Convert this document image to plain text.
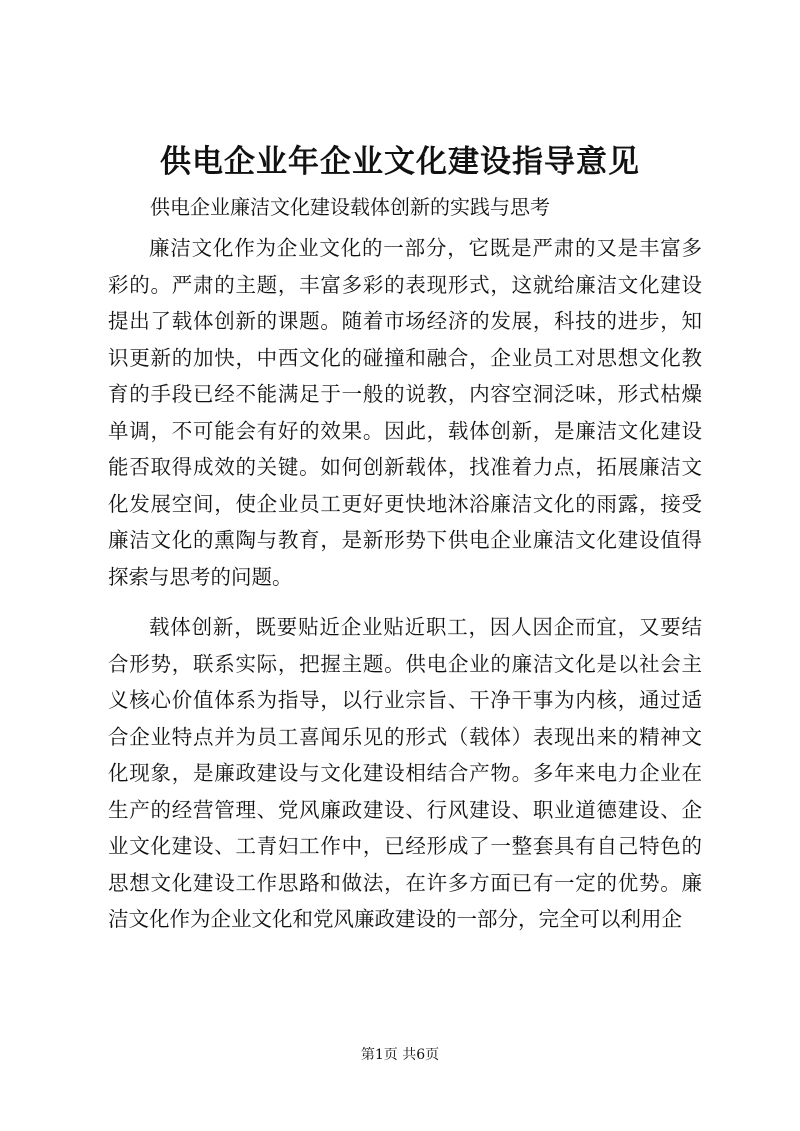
供电企业年企业文化建设指导意见

供电企业廉洁文化建设载体创新的实践与思考

廉洁文化作为企业文化的一部分，它既是严肃的又是丰富多彩的。严肃的主题，丰富多彩的表现形式，这就给廉洁文化建设提出了载体创新的课题。随着市场经济的发展，科技的进步，知识更新的加快，中西文化的碰撞和融合，企业员工对思想文化教育的手段已经不能满足于一般的说教，内容空洞泛味，形式枯燥单调，不可能会有好的效果。因此，载体创新，是廉洁文化建设能否取得成效的关键。如何创新载体，找准着力点，拓展廉洁文化发展空间，使企业员工更好更快地沐浴廉洁文化的雨露，接受廉洁文化的熏陶与教育，是新形势下供电企业廉洁文化建设值得探索与思考的问题。

载体创新，既要贴近企业贴近职工，因人因企而宜，又要结合形势，联系实际，把握主题。供电企业的廉洁文化是以社会主义核心价值体系为指导，以行业宗旨、干净干事为内核，通过适合企业特点并为员工喜闻乐见的形式（载体）表现出来的精神文化现象，是廉政建设与文化建设相结合产物。多年来电力企业在生产的经营管理、党风廉政建设、行风建设、职业道德建设、企业文化建设、工青妇工作中，已经形成了一整套具有自己特色的思想文化建设工作思路和做法，在许多方面已有一定的优势。廉洁文化作为企业文化和党风廉政建设的一部分，完全可以利用企

第1页 共6页
